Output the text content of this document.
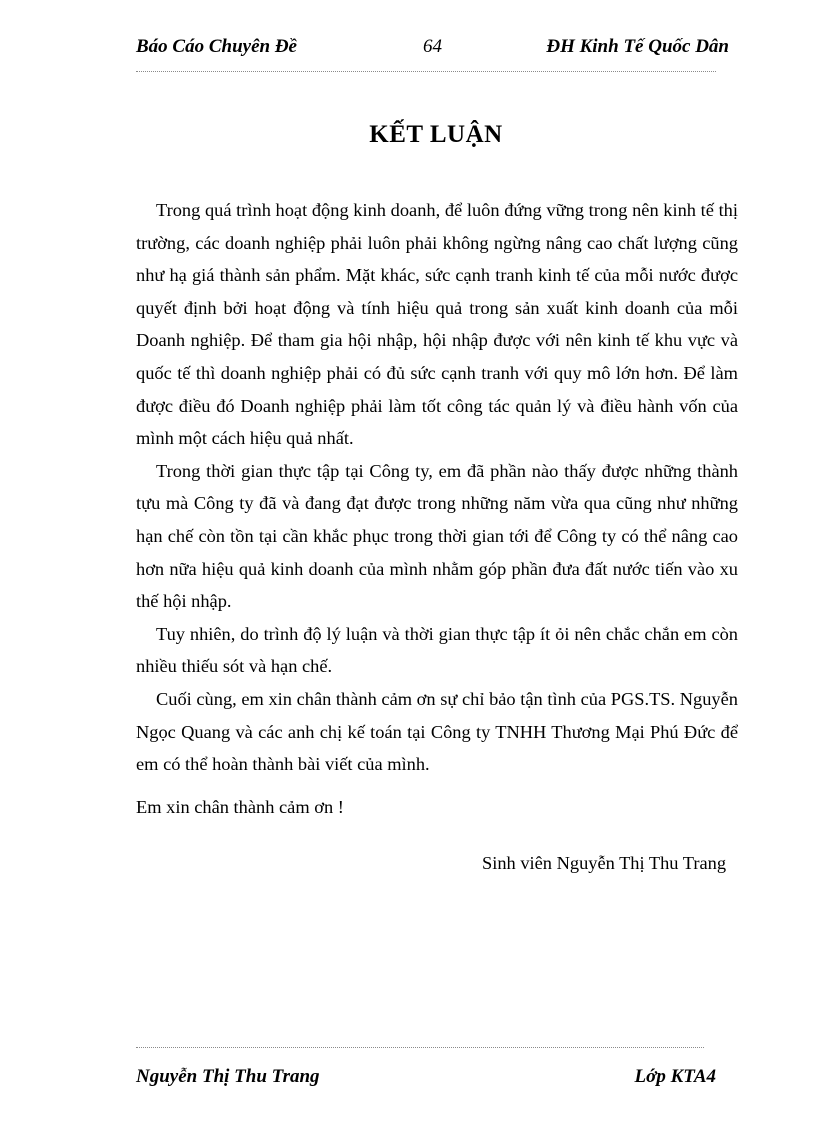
Báo Cáo Chuyên Đề	64	ĐH Kinh Tế Quốc Dân
KẾT LUẬN

Trong quá trình hoạt động kinh doanh, để luôn đứng vững trong nên kinh tế thị trường, các doanh nghiệp phải luôn phải không ngừng nâng cao chất lượng cũng như hạ giá thành sản phẩm. Mặt khác, sức cạnh tranh kinh tế của mỗi nước được quyết định bởi hoạt động và tính hiệu quả trong sản xuất kinh doanh của mỗi Doanh nghiệp. Để tham gia hội nhập, hội nhập được với nên kinh tế khu vực và quốc tế thì doanh nghiệp phải có đủ sức cạnh tranh với quy mô lớn hơn. Để làm được điều đó Doanh nghiệp phải làm tốt công tác quản lý và điều hành vốn của mình một cách hiệu quả nhất.

Trong thời gian thực tập tại Công ty, em đã phần nào thấy được những thành tựu mà Công ty đã và đang đạt được trong những năm vừa qua cũng như những hạn chế còn tồn tại cần khắc phục trong thời gian tới để Công ty có thể nâng cao hơn nữa hiệu quả kinh doanh của mình nhằm góp phần đưa đất nước tiến vào xu thế hội nhập.

Tuy nhiên, do trình độ lý luận và thời gian thực tập ít ỏi nên chắc chắn em còn nhiều thiếu sót và hạn chế.

Cuối cùng, em xin chân thành cảm ơn sự chỉ bảo tận tình của PGS.TS. Nguyễn Ngọc Quang và các anh chị kế toán tại Công ty TNHH Thương Mại Phú Đức để em có thể hoàn thành bài viết của mình.

Em xin chân thành cảm ơn !
Sinh viên Nguyễn Thị Thu Trang
Nguyễn Thị Thu Trang	Lớp KTA4
